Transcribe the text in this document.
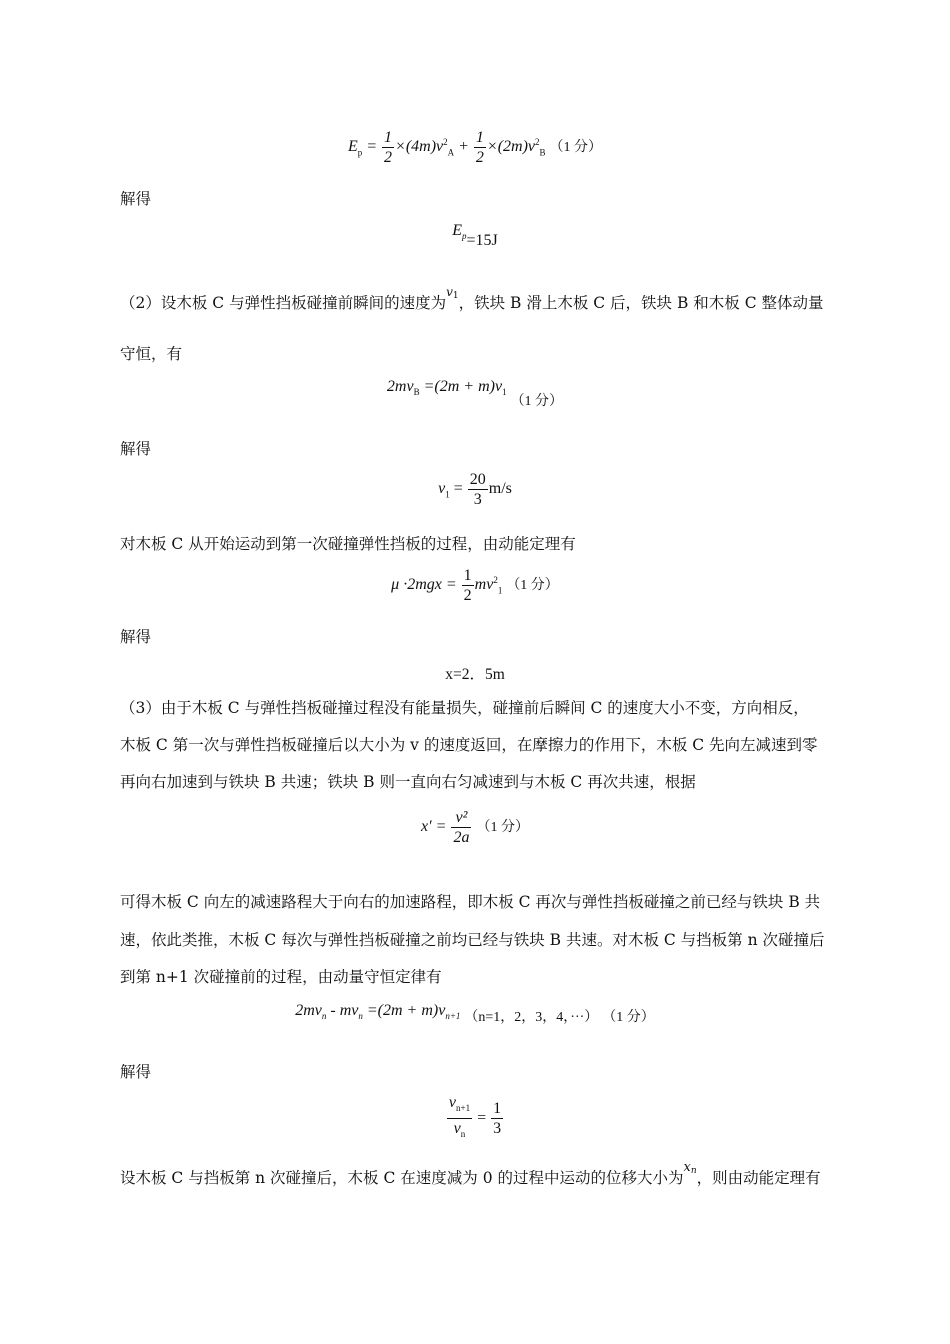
$E_p = \frac{1}{2} \times(4m)v^2_A + \frac{1}{2} \times(2m)v^2_B$ （1 分）
解得
$E_p=15J$
（2）设木板 C 与弹性挡板碰撞前瞬间的速度为$^v_1$，铁块 B 滑上木板 C 后，铁块 B 和木板 C 整体动量
守恒，有
$2mv_B =(2m + m)v_1$ （1 分）
解得
$v_1 = \frac{20}{3} m/s$
对木板 C 从开始运动到第一次碰撞弹性挡板的过程，由动能定理有
$\mu \cdot 2mgx = \frac{1}{2} mv^2_1$ （1 分）
解得
x=2．5m
（3）由于木板 C 与弹性挡板碰撞过程没有能量损失，碰撞前后瞬间 C 的速度大小不变，方向相反，
木板 C 第一次与弹性挡板碰撞后以大小为 v 的速度返回，在摩擦力的作用下，木板 C 先向左减速到零
再向右加速到与铁块 B 共速；铁块 B 则一直向右匀减速到与木板 C 再次共速，根据
$x' = \frac{\text{v²}}{2a} (1$ 分）
可得木板 C 向左的减速路程大于向右的加速路程，即木板 C 再次与弹性挡板碰撞之前已经与铁块 B 共
速，依此类推，木板 C 每次与弹性挡板碰撞之前均已经与铁块 B 共速。对木板 C 与挡板第 n 次碰撞后
到第 n+1 次碰撞前的过程，由动量守恒定律有
$2mv_n - mv_n =(2m + m)v_{n+1}$ （n=1，2，3，4，···） （1 分）
解得
$\frac{v_{n+1}}{v_n} = \frac{1}{3}$
设木板 C 与挡板第 n 次碰撞后，木板 C 在速度减为 0 的过程中运动的位移大小为$^x_n$，则由动能定理有
